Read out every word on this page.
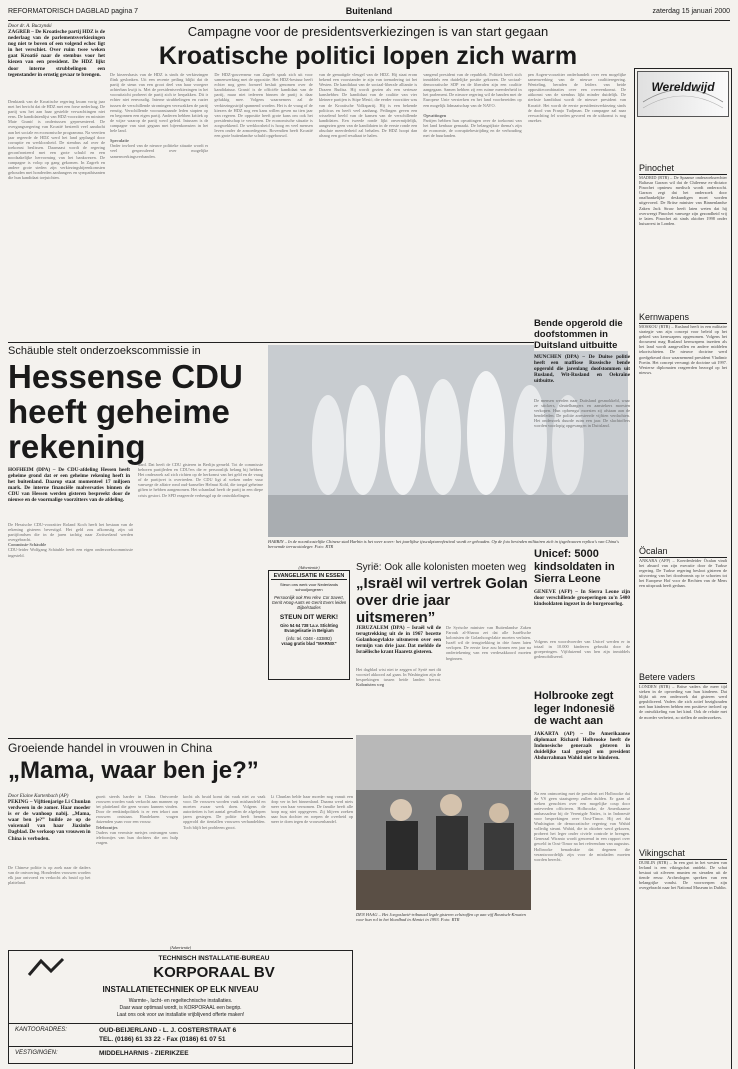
REFORMATORISCH DAGBLAD pagina 7	Buitenland	zaterdag 15 januari 2000
Door dr. A. Buczynski
ZAGREB – De Kroatische partij HDZ is de nederlaag van de parlementsverkiezingen nog niet te boven of een volgend echec ligt in het verschiet. Over ruim twee weken gaat Kroatië naar de stembus voor het kiezen van een president. De HDZ lijkt door interne strubbelingen een tegenstander in ernstig gevaar te brengen.
Denktank van de Kroatische regering kwam vorig jaar met het bericht dat de HDZ met een forse nederlaag. De partij was het aan haar gestelde verwachtingen niet eens. De kandidatenlijst van HDZ-voorzitter en minister Mate Granić is ondertussen gepresenteerd. De overgangsregering van Kroatië besteedt veel aandacht aan het sociale en economische programma. Na veertien jaar regeerde de HDZ werd het land geplaagd door corruptie en werkloosheid. De stembus zal over de toekomst beslissen. Daarnaast wordt de regering geconfronteerd met een grote schuld en een noodzakelijke hervorming van het bankwezen. De campagne is volop op gang gekomen. In Zagreb en andere grote steden zijn verkiezingsbijeenkomsten gehouden met honderden aanhangers en sympathisanten die hun kandidaat toejuichten.
Campagne voor de presidentsverkiezingen is van start gegaan
Kroatische politici lopen zich warm
De kiezersbasis van de HDZ is sinds de verkiezingen flink geslonken. Uit een recente peiling blijkt dat de partij de steun van een groot deel van haar vroegere achterban kwijt is. Met de presidentsverkiezingen in het vooruitzicht probeert de partij zich te herpakken. Dit is echter niet eenvoudig. Interne strubbelingen en ruzies tussen de verschillende stromingen verzwakken de partij ernstig. Verschillende vooraanstaande leden stapten op en begonnen een eigen partij. Anderen hebben kritiek op de wijze waarop de partij werd geleid. Intussen is de campagne van start gegaan met bijeenkomsten in het hele land.

Speculatie
Onder invloed van de nieuwe politieke situatie wordt er veel gespeculeerd over mogelijke samenwerkingsverbanden.
De HDZ-gouverneur van Zagreb sprak zich uit voor samenwerking met de oppositie. Het HDZ-bestuur heeft echter nog geen formeel besluit genomen over de kandidatuur. Granić is de officiële kandidaat van de partij, maar niet iedereen binnen de partij is daar gelukkig mee. Volgens waarnemers zal de verkiezingsstrijd spannend worden. Het is de vraag of de kiezers de HDZ nog een kans willen geven na tien jaar van regeren. De oppositie heeft grote kans om ook het presidentschap te veroveren. De economische situatie is zorgwekkend. De werkloosheid is hoog en veel mensen leven onder de armoedegrens. Bovendien heeft Kroatië een grote buitenlandse schuld opgebouwd.
van de gematigde vleugel van de HDZ. Hij staat erom bekend een voorstander te zijn van toenadering tot het Westen. De kandidaat van de sociaal-liberale alliantie is Drazen Budisa. Hij wordt gezien als een serieuze kanshebber. De kandidaat van de coalitie van vier kleinere partijen is Stipe Mesić, die eerder voorzitter was van de Kroatische Volkspartij. Hij is een bekende politicus en heeft veel aanhang. Peilingen geven een wisselend beeld van de kansen van de verschillende kandidaten. Een tweede ronde lijkt onvermijdelijk, aangezien geen van de kandidaten in de eerste ronde een absolute meerderheid zal behalen. De HDZ hoopt dan alsnog een goed resultaat te halen.
vangend president van de republiek. Politiek heeft zich inmiddels een duidelijke positie gekozen. De sociaal-democratische SDP en de liberalen zijn een coalitie aangegaan. Samen hebben zij een ruime meerderheid in het parlement. De nieuwe regering wil de banden met de Europese Unie versterken en het land voorbereiden op een mogelijk lidmaatschap van de NAVO.

Opvattingen
Partijen hebben hun opvattingen over de toekomst van het land kenbaar gemaakt. De belangrijkste thema's zijn de economie, de corruptiebestrijding en de verhouding met de buurlanden.
pen Aogen-voorzitter onderhandelt over een mogelijke samenwerking van de nieuwe coalitieregering. Wenteling, beraden de leiders van beide oppositiecombinaties over een overeenkomst. De uitkomst van de stembus lijkt minder duidelijk. De sterkste kandidaat wordt de nieuwe president van Kroatië. Het wordt de eerste presidentsverkiezing sinds de dood van Franjo Tudjman. De campagne zal naar verwachting fel worden gevoerd en de uitkomst is nog onzeker.
Wereldwijd
Pinochet
MADRID (RTR) – De Spaanse onderzoeksrechter Baltasar Garzon wil dat de Chileense ex-dictator Pinochet opnieuw medisch wordt onderzocht. Garzon zegt dat het onderzoek door onafhankelijke deskundigen moet worden uitgevoerd. De Britse minister van Binnenlandse Zaken Jack Straw heeft laten weten dat hij overweegt Pinochet vanwege zijn gezondheid vrij te laten. Pinochet zit sinds oktober 1998 onder huisarrest in Londen.
Kernwapens
MOSKOU (RTR) – Rusland heeft in een militaire strategie van zijn concept voor beleid op het gebied van kernwapens opgenomen. Volgens het document mag Rusland kernwapens inzetten als het land wordt aangevallen en andere middelen tekortschieten. De nieuwe doctrine werd goedgekeurd door waarnemend president Vladimir Poetin. Het concept vervangt de doctrine uit 1997. Westerse diplomaten reageerden bezorgd op het nieuws.
Öcalan
ANKARA (AFP) – Koerdenleider Öcalan vindt het absurd van zijn executie door de Turkse regering. De Turkse regering besloot gisteren de uitvoering van het doodvonnis op te schorten tot het Europese Hof voor de Rechten van de Mens een uitspraak heeft gedaan.
Betere vaders
LONDEN (RTR) – Britse vaders die meer tijd steken in de opvoeding van hun kinderen. Dat blijkt uit een onderzoek dat gisteren werd gepubliceerd. Vaders die zich actief bezighouden met hun kinderen hebben een positieve invloed op de ontwikkeling van het kind. Ook de relatie met de moeder verbetert, zo stellen de onderzoekers.
Vikingschat
DUBLIN (RTR) – In een grot in het westen van Ierland is een vikingschat ontdekt. De schat bestaat uit zilveren munten en sieraden uit de tiende eeuw. Archeologen spreken van een belangrijke vondst. De voorwerpen zijn overgebracht naar het National Museum in Dublin.
Schäuble stelt onderzoekscommissie in
Hessense CDU heeft geheime rekening
HOFHEIM (DPA) – De CDU-afdeling Hessen heeft geheime grond dat er een geheime rekening heeft in het buitenland. Daarop staat momenteel 17 miljoen mark. De interne financiële malversaties binnen de CDU van Hessen werden gisteren bespreekt door de nieuwe en de voormalige voorzitters van de afdeling.
De Hessische CDU-voorzitter Roland Koch heeft het bestaan van de rekening gisteren bevestigd. Het geld zou afkomstig zijn uit partijfondsen die in de jaren tachtig naar Zwitserland werden overgebracht.
Commissie-Schäuble
CDU-leider Wolfgang Schäuble heeft een eigen onderzoekscommissie ingesteld.
dard. Dat heeft de CDU gisteren in Berlijn gemeld. Tot de commissie behoren partijleden en CDU'ers die er persoonlijk belang bij hebben. Het onderzoek zal zich richten op de herkomst van het geld en de vraag of de partijwet is overtreden. De CDU ligt al weken onder vuur vanwege de affaire rond oud-kanselier Helmut Kohl, die toegaf geheime giften te hebben aangenomen. Het schandaal heeft de partij in een diepe crisis gestort. De SPD reageerde verheugd op de ontwikkelingen.
HARBIN – In de noordoostelijke Chinese stad Harbin is het weer zover: het jaarlijkse ijssculpturenfestival wordt er gehouden. Op de foto bevinden militairen zich in ijsgebouwen replica's van China's beroemde terracottaleger. Foto: RTR
Bende opgerold die doofstommen in Duitsland uitbuitte
MÜNCHEN (DPA) – De Duitse politie heeft een maffiose Russische bende opgerold die jarenlang doofstommen uit Rusland, Wit-Rusland en Oekraïne uitbuitte.
De mensen werden naar Duitsland gesmokkeld, waar ze stickers, sleutelhangers en aanstekers moesten verkopen. Hun opbrengst moesten zij afstaan aan de bendeleden. De politie arresteerde vijftien verdachten. Het onderzoek duurde ruim een jaar. De slachtoffers worden voorlopig opgevangen in Duitsland.
Unicef: 5000 kindsoldaten in Sierra Leone
GENEVE (AFP) – In Sierra Leone zijn door verschillende groeperingen zo'n 5400 kindsoldaten ingezet in de burgeroorlog.
Volgens een woordvoerder van Unicef werden er in totaal in 10.000 kinderen gebruikt door de groeperingen. Vijfduizend van hen zijn inmiddels gedemobiliseerd.
(Advertentie)
EVANGELISATIE IN ESSEN
Steun ons werk voor Nederlands schooljongeren
Persoonlijk ook Rex Hlev. Cor Savert, Gerrit Hoog-Aarts en Gerrit Evers leiden Bijbelstudies
STEUN DIT WERK!
Giro 54 64 738 t.a.v. Stichting Evangelisatie in Belgium
(info: tel. 0348 - 433892)
vraag gratis blad "MARNIX"
Syrië: Ook alle kolonisten moeten weg
„Israël wil vertrek Golan over drie jaar uitsmeren”
JERUZALEM (DPA) – Israël wil de terugtrekking uit de in 1967 bezette Golanhoogvlakte uitsmeren over een termijn van drie jaar. Dat meldde de Israëlische krant Haaretz gisteren.
Het dagblad wist niet te zeggen of Syrië met dit voorstel akkoord zal gaan. In Washington zijn de besprekingen tussen beide landen hervat. Kolonisten weg
De Syrische minister van Buitenlandse Zaken Farouk al-Sharaa zei dat alle Israëlische kolonisten de Golanhoogvlakte moeten verlaten. Israël wil de terugtrekking in drie fasen laten verlopen. De eerste fase zou binnen een jaar na ondertekening van een vredesakkoord moeten beginnen.
Holbrooke zegt leger Indonesië de wacht aan
JAKARTA (AP) – De Amerikaanse diplomaat Richard Holbrooke heeft de Indonesische generaals gisteren in duidelijke taal gezegd om president Abdurrahman Wahid niet te hinderen.
Na een ontmoeting met de president zei Holbrooke dat de VS geen staatsgreep zullen dulden. Er gaan al weken geruchten over een mogelijke coup door ontevreden officieren. Holbrooke, de Amerikaanse ambassadeur bij de Verenigde Naties, is in Indonesië voor besprekingen over Oost-Timor. Hij zei dat Washington de democratische regering van Wahid volledig steunt. Wahid, die in oktober werd gekozen, probeert het leger onder civiele controle te brengen. Generaal Wiranto wordt genoemd in een rapport over geweld in Oost-Timor na het referendum van augustus. Holbrooke benadrukte dat degenen die verantwoordelijk zijn voor de misdaden moeten worden berecht.
Groeiende handel in vrouwen in China
„Mama, waar ben je?”
Door Elaine Kurtenbach (AP)
PEKING – Vijftienjarige Li Chunlan verdween in de zomer. Haar moeder is er de wanhoop nabij. „Mama, waar ben je?” huilde ze op de voicemail van haar Jiaxinhe Dagblad. De verkoop van vrouwen in China is verboden.
De Chinese politie is op zoek naar de daders van de ontvoering. Honderden vrouwen worden elk jaar ontvoerd en verkocht als bruid op het platteland.
groeit steeds harder in China. Ontvoerde vrouwen worden vaak verkocht aan mannen op het platteland die geen vrouw kunnen vinden. Door de eenkindpolitiek is er een tekort aan vrouwen ontstaan. Handelaren vragen duizenden yuan voor een vrouw.
Telefoontjes
Ouders van vermiste meisjes ontvangen soms telefoontjes van hun dochters die om hulp vragen.
kocht als bruid komt dat vaak niet zo vaak voor. De vrouwen worden vaak mishandeld en moeten zwaar werk doen. Volgens de autoriteiten is het aantal gevallen de afgelopen jaren gestegen. De politie heeft bendes opgerold die tientallen vrouwen verhandelden. Toch blijft het probleem groot.
Li Chunlan belde haar moeder nog vanuit een dorp ver in het binnenland. Daarna werd niets meer van haar vernomen. De familie heeft alle hoop nog niet opgegeven. Zij blijven zoeken naar hun dochter en roepen de overheid op meer te doen tegen de vrouwenhandel.
DEN HAAG – Het Joegoslavië-tribunaal legde gisteren celstraffen op aan vijf Bosnisch-Kroaten voor hun rol in het bloedbad in Ahmici in 1993. Foto: RTR
(Advertentie)
TECHNISCH INSTALLATIE-BUREAU
KORPORAAL BV
INSTALLATIETECHNIEK OP ELK NIVEAU
Warmte-, lucht- en regeltechnische installaties.
Daar waar optimaal wordt, is KORPORAAL een begrip.
Laat ons ook voor uw installatie vrijblijvend offerte maken!
KANTOORADRES:	OUD-BEIJERLAND - L. J. COSTERSTRAAT 6
TEL. (0186) 61 33 22 - Fax (0186) 61 07 51
VESTIGINGEN:	MIDDELHARNIS - ZIERIKZEE
